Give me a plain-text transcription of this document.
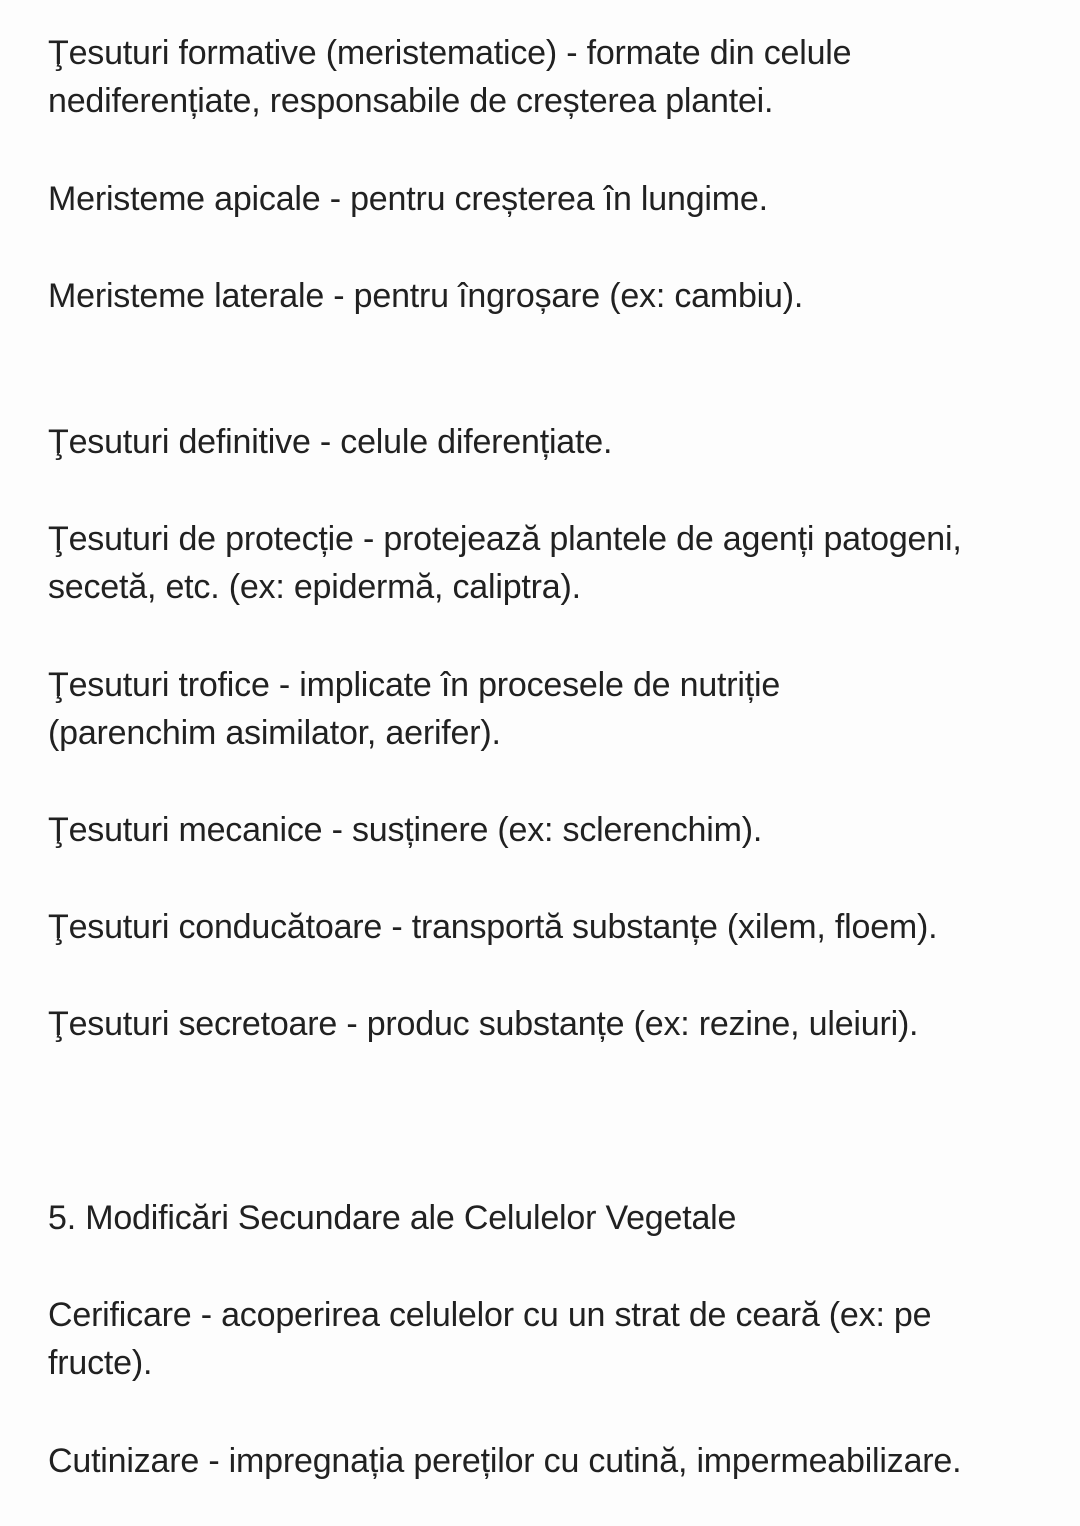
Ţesuturi formative (meristematice) - formate din celule
nediferențiate, responsabile de creșterea plantei.

Meristeme apicale - pentru creșterea în lungime.

Meristeme laterale - pentru îngroșare (ex: cambiu).

Ţesuturi definitive - celule diferențiate.

Ţesuturi de protecție - protejează plantele de agenți patogeni,
secetă, etc. (ex: epidermă, caliptra).

Ţesuturi trofice - implicate în procesele de nutriție
(parenchim asimilator, aerifer).

Ţesuturi mecanice - susținere (ex: sclerenchim).

Ţesuturi conducătoare - transportă substanțe (xilem, floem).

Ţesuturi secretoare - produc substanțe (ex: rezine, uleiuri).

5. Modificări Secundare ale Celulelor Vegetale

Cerificare - acoperirea celulelor cu un strat de ceară (ex: pe
fructe).

Cutinizare - impregnația pereților cu cutină, impermeabilizare.
